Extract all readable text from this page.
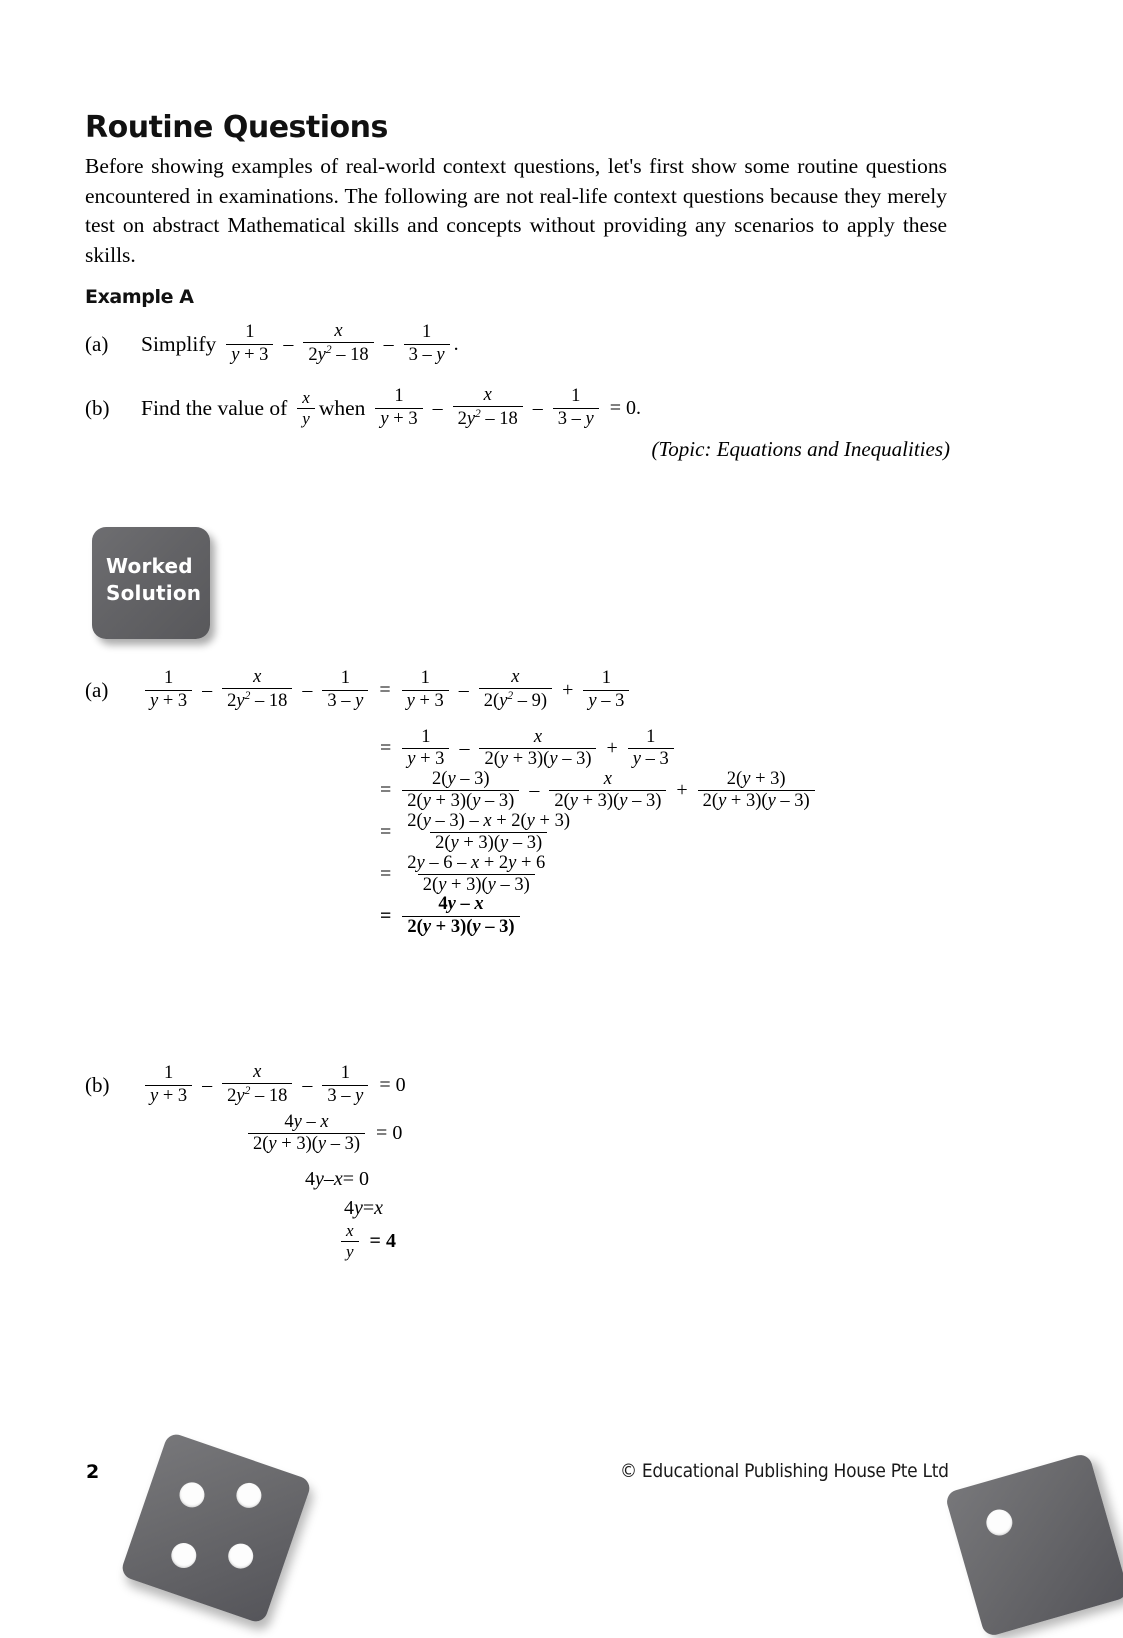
Routine Questions
Before showing examples of real-world context questions, let's first show some routine questions encountered in examinations. The following are not real-life context questions because they merely test on abstract Mathematical skills and concepts without providing any scenarios to apply these skills.
Example A
(a)	Simplify $\frac{1}{y + 3} - \frac{x}{2y^2 - 18} - \frac{1}{3 - y}$ .
(b)	Find the value of $\frac{x}{y}$ when $\frac{1}{y + 3} - \frac{x}{2y^2 - 18} - \frac{1}{3 - y} = 0$.
(Topic: Equations and Inequalities)
Worked
Solution
(a)	$\frac{1}{y + 3} - \frac{x}{2y^2 - 18} - \frac{1}{3 - y} = \frac{1}{y + 3} - \frac{x}{2(y^2 - 9)} + \frac{1}{y - 3}$
= $\frac{1}{y + 3} - \frac{x}{2(y + 3)(y - 3)} + \frac{1}{y - 3}$
= $\frac{2(y - 3)}{2(y + 3)(y - 3)} - \frac{x}{2(y + 3)(y - 3)} + \frac{2(y + 3)}{2(y + 3)(y - 3)}$
= $\frac{2(y - 3) - x + 2(y + 3)}{2(y + 3)(y - 3)}$
= $\frac{2y - 6 - x + 2y + 6}{2(y + 3)(y - 3)}$
= $\frac{4y - x}{2(y + 3)(y - 3)}$
(b)	$\frac{1}{y + 3} - \frac{x}{2y^2 - 18} - \frac{1}{3 - y} = 0$
$\frac{4y - x}{2(y + 3)(y - 3)} = 0$
4 y – x = 0
4 y = x
$\frac{x}{y} = 4$
2	© Educational Publishing House Pte Ltd
